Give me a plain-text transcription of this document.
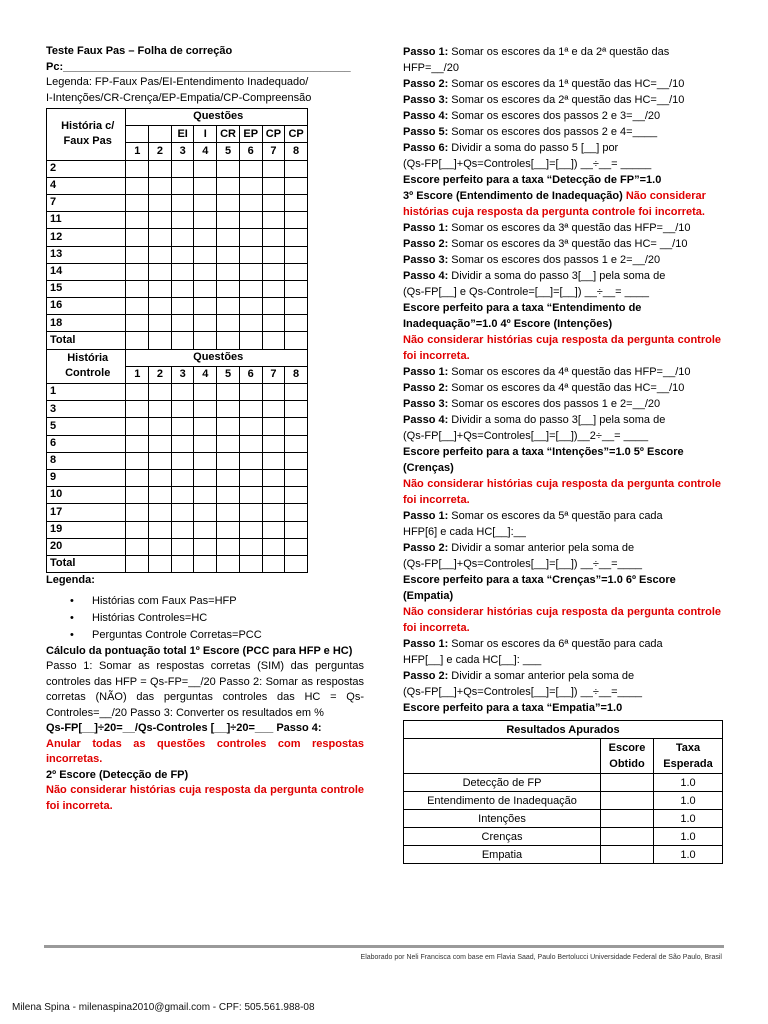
Teste Faux Pas – Folha de correção

Pc:_______________________________________________

Legenda: FP-Faux Pas/EI-Entendimento Inadequado/

I-Intenções/CR-Crença/EP-Empatia/CP-Compreensão

História c/ Faux Pas	Questões							
			EI	I	CR	EP	CP	CP
	1	2	3	4	5	6	7	8
2								
4								
7								
11								
12								
13								
14								
15								
16								
18								
Total								
História Controle	Questões							
	1	2	3	4	5	6	7	8
1								
3								
5								
6								
8								
9								
10								
17								
19								
20								
Total								

Legenda:

• Histórias com Faux Pas=HFP
• Histórias Controles=HC
• Perguntas Controle Corretas=PCC

Cálculo da pontuação total 1º Escore (PCC para HFP e HC)

Passo 1: Somar as respostas corretas (SIM) das perguntas controles das HFP = Qs-FP=__/20 Passo 2: Somar as respostas corretas (NÃO) das perguntas controles das HC = Qs-Controles=__/20 Passo 3: Converter os resultados em %

Qs-FP[__]÷20=__/Qs-Controles [__]÷20=___ Passo 4:

Anular todas as questões controles com respostas incorretas.

2º Escore (Detecção de FP)

Não considerar histórias cuja resposta da pergunta controle foi incorreta.

Passo 1: Somar os escores da 1ª e da 2ª questão das HFP=__/20

Passo 2: Somar os escores da 1ª questão das HC=__/10

Passo 3: Somar os escores da 2ª questão das HC=__/10

Passo 4: Somar os escores dos passos 2 e 3=__/20

Passo 5: Somar os escores dos passos 2 e 4=____

Passo 6: Dividir a soma do passo 5 [__] por

(Qs-FP[__]+Qs=Controles[__]=[__]) __÷__= _____

Escore perfeito para a taxa “Detecção de FP”=1.0

3º Escore (Entendimento de Inadequação) Não considerar histórias cuja resposta da pergunta controle foi incorreta.

Passo 1: Somar os escores da 3ª questão das HFP=__/10

Passo 2: Somar os escores da 3ª questão das HC= __/10

Passo 3: Somar os escores dos passos 1 e 2=__/20

Passo 4: Dividir a soma do passo 3[__] pela soma de

(Qs-FP[__] e Qs-Controle=[__]=[__]) __÷__= ____

Escore perfeito para a taxa “Entendimento de Inadequação”=1.0 4º Escore (Intenções)

Não considerar histórias cuja resposta da pergunta controle foi incorreta.

Passo 1: Somar os escores da 4ª questão das HFP=__/10

Passo 2: Somar os escores da 4ª questão das HC=__/10

Passo 3: Somar os escores dos passos 1 e 2=__/20

Passo 4: Dividir a soma do passo 3[__] pela soma de

(Qs-FP[__]+Qs=Controles[__]=[__])__2÷__= ____

Escore perfeito para a taxa “Intenções”=1.0 5º Escore (Crenças)

Não considerar histórias cuja resposta da pergunta controle foi incorreta.

Passo 1: Somar os escores da 5ª questão para cada

HFP[6] e cada HC[__]:__

Passo 2: Dividir a somar anterior pela soma de

(Qs-FP[__]+Qs=Controles[__]=[__]) __÷__=____

Escore perfeito para a taxa “Crenças”=1.0 6º Escore (Empatia)

Não considerar histórias cuja resposta da pergunta controle foi incorreta.

Passo 1: Somar os escores da 6ª questão para cada

HFP[__] e cada HC[__]: ___

Passo 2: Dividir a somar anterior pela soma de

(Qs-FP[__]+Qs=Controles[__]=[__]) __÷__=____

Escore perfeito para a taxa “Empatia”=1.0

Resultados Apurados		
	Escore Obtido	Taxa Esperada
Detecção de FP		1.0
Entendimento de Inadequação		1.0
Intenções		1.0
Crenças		1.0
Empatia		1.0
Elaborado por Neli Francisca com base em Flavia Saad, Paulo Bertolucci Universidade Federal de São Paulo, Brasil
Milena Spina - milenaspina2010@gmail.com - CPF: 505.561.988-08
